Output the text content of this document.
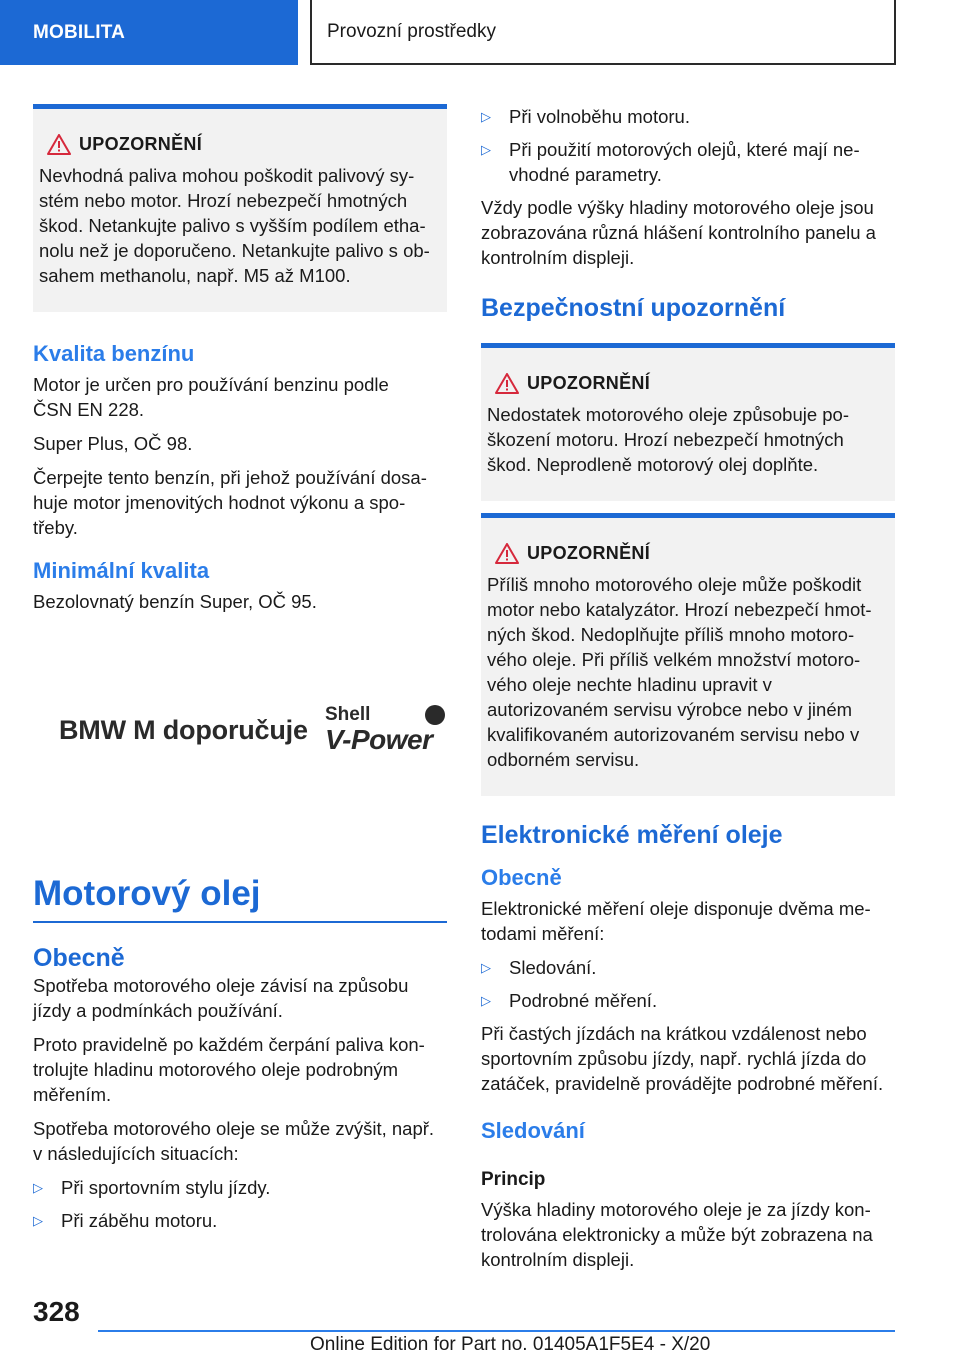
MOBILITA	Provozní prostředky
UPOZORNĚNÍ

Nevhodná paliva mohou poškodit palivový sy-stém nebo motor. Hrozí nebezpečí hmotných škod. Netankujte palivo s vyšším podílem etha-nolu než je doporučeno. Netankujte palivo s ob-sahem methanolu, např. M5 až M100.

Kvalita benzínu

Motor je určen pro používání benzinu podle ČSN EN 228.

Super Plus, OČ 98.

Čerpejte tento benzín, při jehož používání dosa-huje motor jmenovitých hodnot výkonu a spo-třeby.

Minimální kvalita

Bezolovnatý benzín Super, OČ 95.

BMW M doporučuje Shell
V-Power
Motorový olej
Obecně

Spotřeba motorového oleje závisí na způsobu jízdy a podmínkách používání.

Proto pravidelně po každém čerpání paliva kon-trolujte hladinu motorového oleje podrobným měřením.

Spotřeba motorového oleje se může zvýšit, např. v následujících situacích:

▷ Při sportovním stylu jízdy.
▷ Při záběhu motoru.
▷ Při volnoběhu motoru.
▷ Při použití motorových olejů, které mají ne-vhodné parametry.

Vždy podle výšky hladiny motorového oleje jsou zobrazována různá hlášení kontrolního panelu a kontrolním displeji.

Bezpečnostní upozornění
UPOZORNĚNÍ

Nedostatek motorového oleje způsobuje po-škození motoru. Hrozí nebezpečí hmotných škod. Neprodleně motorový olej doplňte.

UPOZORNĚNÍ

Příliš mnoho motorového oleje může poškodit motor nebo katalyzátor. Hrozí nebezpečí hmot-ných škod. Nedoplňujte příliš mnoho motoro-vého oleje. Při příliš velkém množství motoro-vého oleje nechte hladinu upravit v autorizovaném servisu výrobce nebo v jiném kvalifikovaném autorizovaném servisu nebo v odborném servisu.

Elektronické měření oleje
Obecně

Elektronické měření oleje disponuje dvěma me-todami měření:

▷ Sledování.
▷ Podrobné měření.

Při častých jízdách na krátkou vzdálenost nebo sportovním způsobu jízdy, např. rychlá jízda do zatáček, pravidelně provádějte podrobné měření.

Sledování
Princip

Výška hladiny motorového oleje je za jízdy kon-trolována elektronicky a může být zobrazena na kontrolním displeji.

328
Online Edition for Part no. 01405A1F5E4 - X/20
